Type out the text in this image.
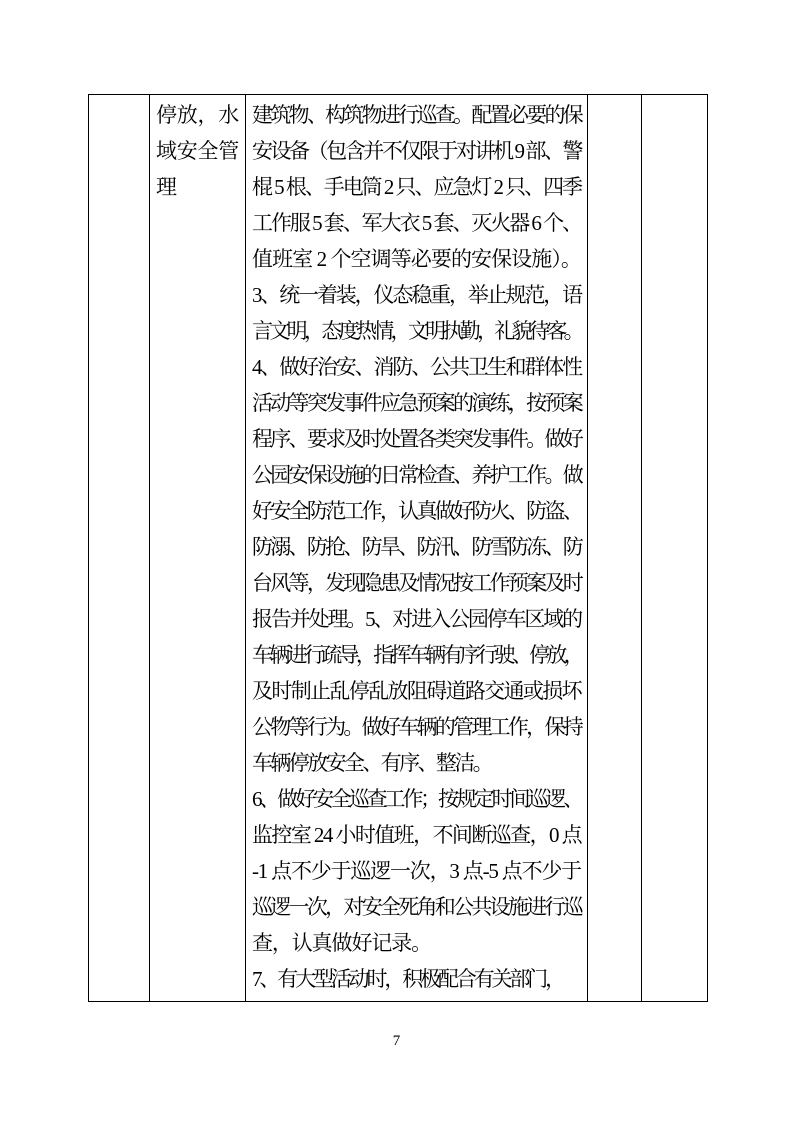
停放，水
域安全管
理
建筑物、构筑物进行巡查。配置必要的保
安设备（包含并不仅限于对讲机 9 部、警
棍 5 根、手电筒 2 只、应急灯 2 只、四季
工作服 5 套、军大衣 5 套、灭火器 6 个、
值班室 2 个空调等必要的安保设施）。
3、统一着装，仪态稳重，举止规范，语
言文明，态度热情，文明执勤，礼貌待客。
4、做好治安、消防、公共卫生和群体性
活动等突发事件应急预案的演练，按预案
程序、要求及时处置各类突发事件。做好
公园安保设施的日常检查、养护工作。做
好安全防范工作，认真做好防火、防盗、
防溺、防抢、防旱、防汛、防雪防冻、防
台风等，发现隐患及情况按工作预案及时
报告并处理。5、对进入公园停车区域的
车辆进行疏导，指挥车辆有序行驶、停放，
及时制止乱停乱放阻碍道路交通或损坏
公物等行为。做好车辆的管理工作，保持
车辆停放安全、有序、整洁。
6、做好安全巡查工作；按规定时间巡逻、
监控室 24 小时值班，不间断巡查，0 点
-1 点不少于巡逻一次，3 点-5 点不少于
巡逻一次，对安全死角和公共设施进行巡
查，认真做好记录。
7、有大型活动时，积极配合有关部门，
7
